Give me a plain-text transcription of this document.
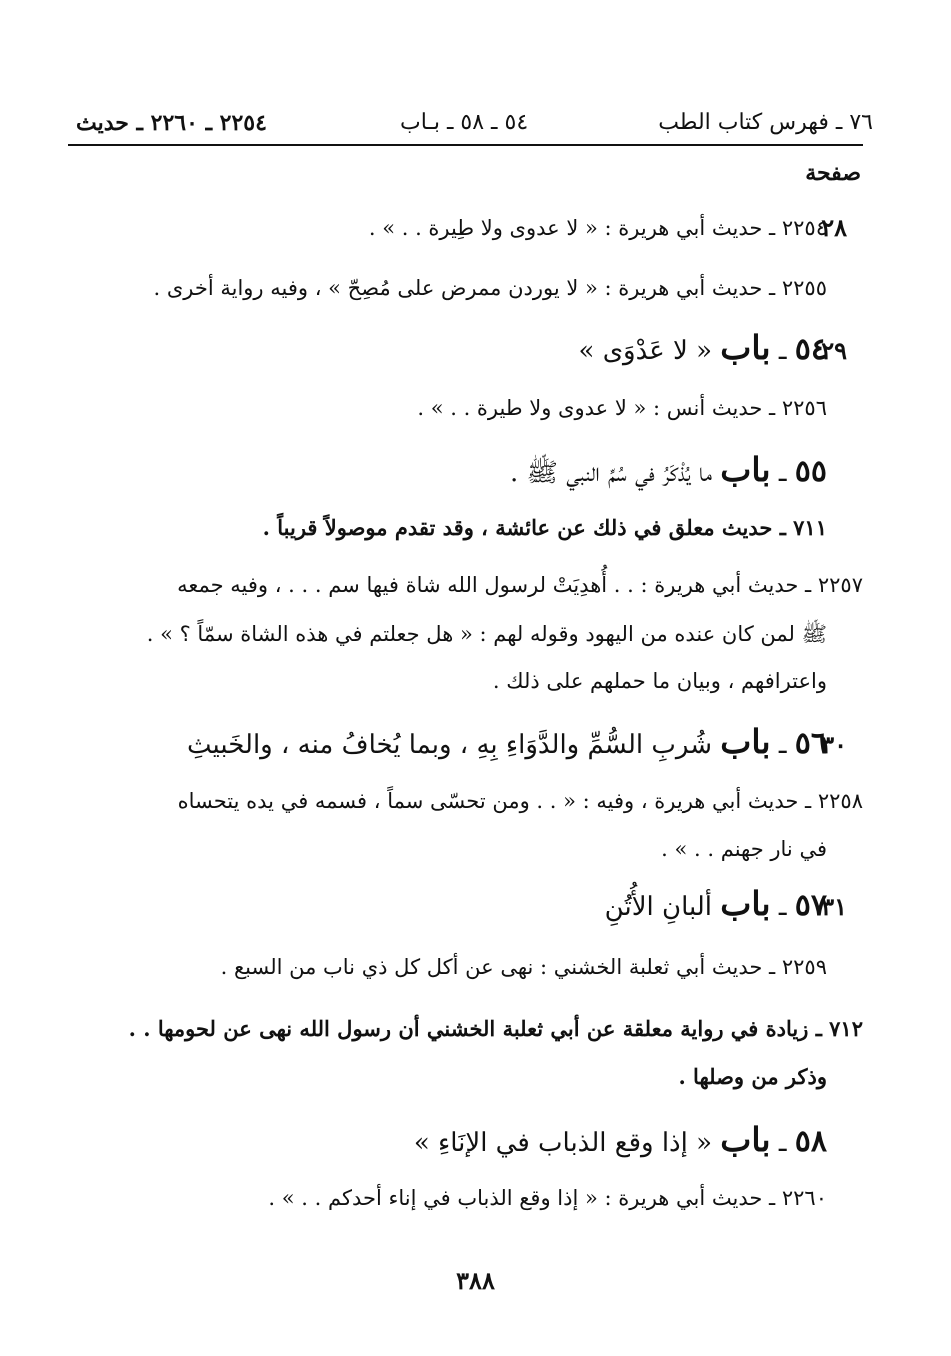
٧٦ ـ فهرس كتاب الطب
٥٤ ـ ٥٨ ـ بـاب
٢٢٥٤ ـ ٢٢٦٠ ـ حديث
صفحة
٢٨
٢٢٥٤ ـ حديث أبي هريرة : « لا عدوى ولا طِيرة . . » .
٢٢٥٥ ـ حديث أبي هريرة : « لا يوردن ممرض على مُصِحّ » ، وفيه رواية أخرى .
٢٩
٥٤ ـ باب « لا عَدْوَى »
٢٢٥٦ ـ حديث أنس : « لا عدوى ولا طيرة . . » .
٥٥ ـ باب ما يُذْكَرُ في سُمِّ النبي ﷺ .
٧١١ ـ حديث معلق في ذلك عن عائشة ، وقد تقدم موصولاً قريباً .
٢٢٥٧ ـ حديث أبي هريرة : . . أُهدِيَتْ لرسول الله شاة فيها سم . . . ، وفيه جمعه
ﷺ لمن كان عنده من اليهود وقوله لهم : « هل جعلتم في هذه الشاة سمّاً ؟ » .
واعترافهم ، وبيان ما حملهم على ذلك .
٣٠
٥٦ ـ باب شُربِ السُّمِّ والدَّوَاءِ بِهِ ، وبما يُخافُ منه ، والخَبيثِ
٢٢٥٨ ـ حديث أبي هريرة ، وفيه : « . . ومن تحسّى سماً ، فسمه في يده يتحساه
في نار جهنم . . » .
٣١
٥٧ ـ باب ألبانِ الأُتُنِ
٢٢٥٩ ـ حديث أبي ثعلبة الخشني : نهى عن أكل كل ذي ناب من السبع .
٧١٢ ـ زيادة في رواية معلقة عن أبي ثعلبة الخشني أن رسول الله نهى عن لحومها . .
وذكر من وصلها .
٥٨ ـ باب « إذا وقع الذباب في الإنَاءِ »
٢٢٦٠ ـ حديث أبي هريرة : « إذا وقع الذباب في إناء أحدكم . . » .
٣٨٨
